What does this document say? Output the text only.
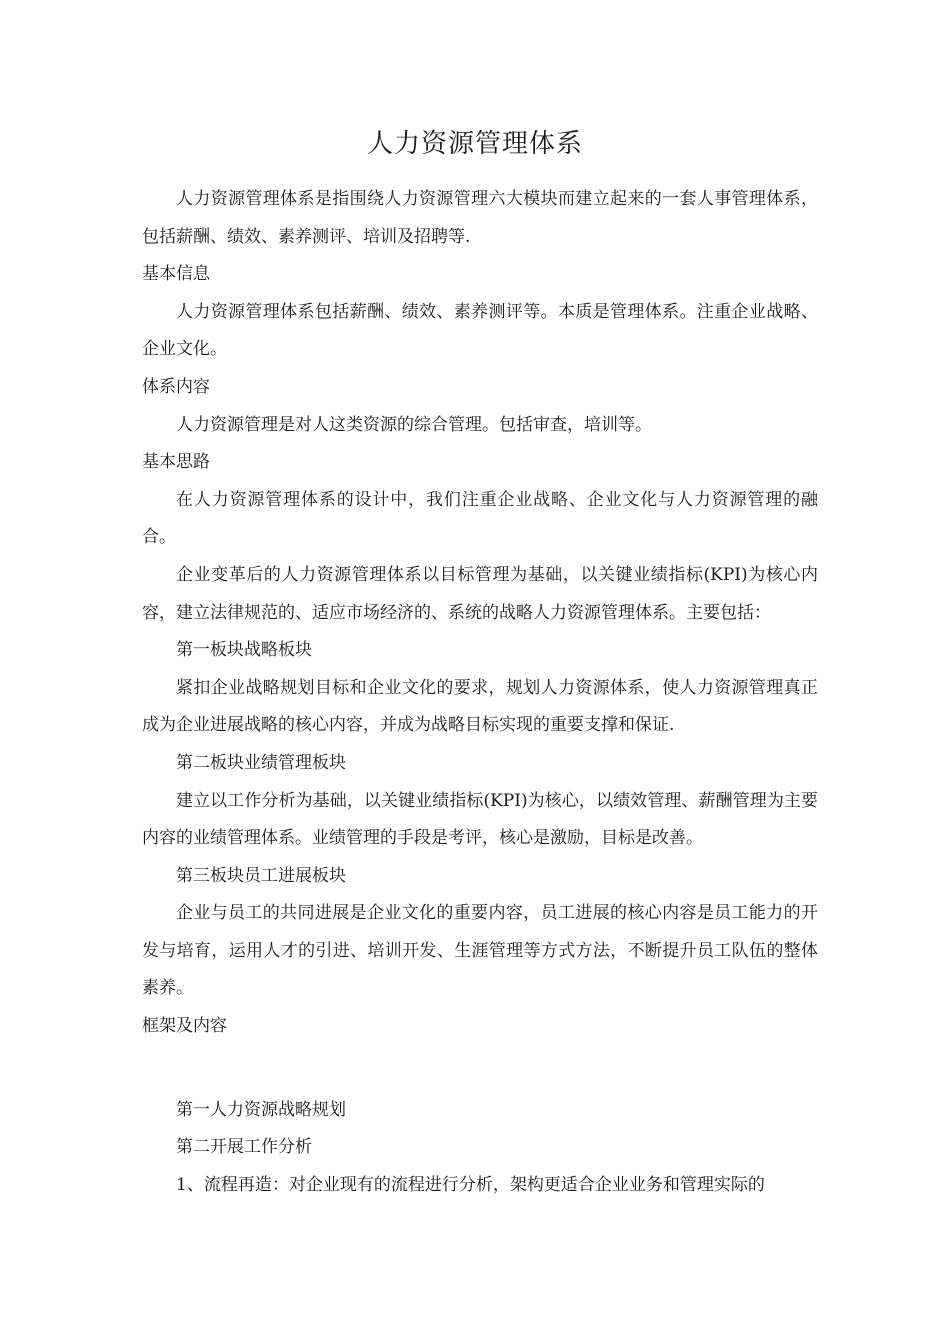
人力资源管理体系

人力资源管理体系是指围绕人力资源管理六大模块而建立起来的一套人事管理体系，包括薪酬、绩效、素养测评、培训及招聘等.

基本信息

人力资源管理体系包括薪酬、绩效、素养测评等。本质是管理体系。注重企业战略、企业文化。

体系内容

人力资源管理是对人这类资源的综合管理。包括审查，培训等。

基本思路

在人力资源管理体系的设计中，我们注重企业战略、企业文化与人力资源管理的融合。

企业变革后的人力资源管理体系以目标管理为基础，以关键业绩指标(KPI)为核心内容，建立法律规范的、适应市场经济的、系统的战略人力资源管理体系。主要包括：

第一板块战略板块

紧扣企业战略规划目标和企业文化的要求，规划人力资源体系，使人力资源管理真正成为企业进展战略的核心内容，并成为战略目标实现的重要支撑和保证.

第二板块业绩管理板块

建立以工作分析为基础，以关键业绩指标(KPI)为核心，以绩效管理、薪酬管理为主要内容的业绩管理体系。业绩管理的手段是考评，核心是激励，目标是改善。

第三板块员工进展板块

企业与员工的共同进展是企业文化的重要内容，员工进展的核心内容是员工能力的开发与培育，运用人才的引进、培训开发、生涯管理等方式方法，不断提升员工队伍的整体素养。

框架及内容

第一人力资源战略规划

第二开展工作分析

1、流程再造：对企业现有的流程进行分析，架构更适合企业业务和管理实际的
